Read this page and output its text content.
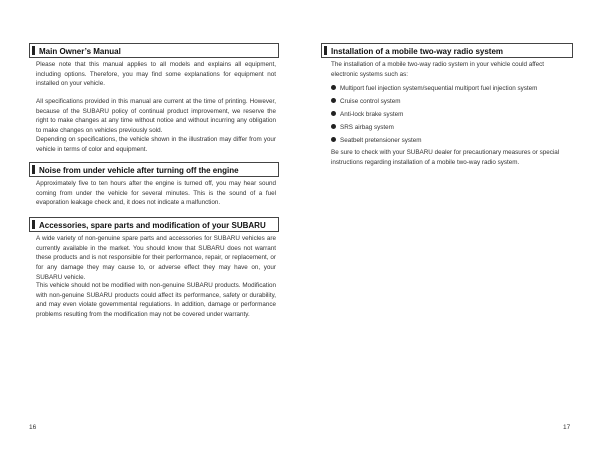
Main Owner’s Manual

Please note that this manual applies to all models and explains all equipment, including options. Therefore, you may find some explanations for equipment not installed on your vehicle.

All specifications provided in this manual are current at the time of printing. However, because of the SUBARU policy of continual product improvement, we reserve the right to make changes at any time without notice and without incurring any obligation to make changes on vehicles previously sold.

Depending on specifications, the vehicle shown in the illustration may differ from your vehicle in terms of color and equipment.

Noise from under vehicle after turning off the engine

Approximately five to ten hours after the engine is turned off, you may hear sound coming from under the vehicle for several minutes. This is the sound of a fuel evaporation leakage check and, it does not indicate a malfunction.

Accessories, spare parts and modification of your SUBARU

A wide variety of non-genuine spare parts and accessories for SUBARU vehicles are currently available in the market. You should know that SUBARU does not warrant these products and is not responsible for their performance, repair, or replacement, or for any damage they may cause to, or adverse effect they may have on, your SUBARU vehicle.

This vehicle should not be modified with non-genuine SUBARU products. Modification with non-genuine SUBARU products could affect its performance, safety or durability, and may even violate governmental regulations. In addition, damage or performance problems resulting from the modification may not be covered under warranty.

16
Installation of a mobile two-way radio system

The installation of a mobile two-way radio system in your vehicle could affect electronic systems such as:

Multiport fuel injection system/sequential multiport fuel injection system
Cruise control system
Anti-lock brake system
SRS airbag system
Seatbelt pretensioner system

Be sure to check with your SUBARU dealer for precautionary measures or special instructions regarding installation of a mobile two-way radio system.

17
